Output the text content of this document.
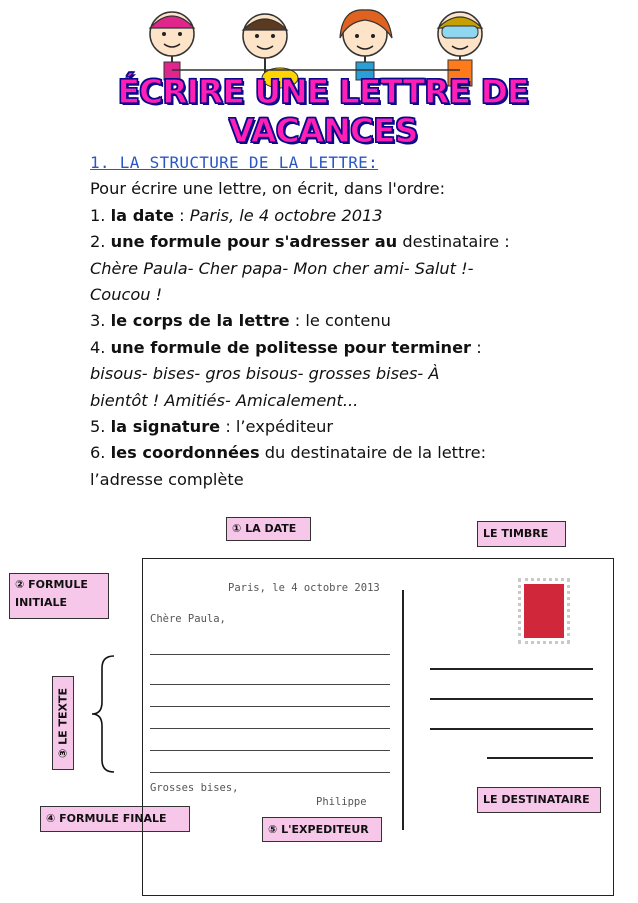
ÉCRIRE UNE LETTRE DE VACANCES
1. LA STRUCTURE DE LA LETTRE:
Pour écrire une lettre, on écrit, dans l'ordre:
1. la date : Paris, le 4 octobre 2013
2. une formule pour s'adresser au destinataire :
Chère Paula- Cher papa- Mon cher ami- Salut !-
Coucou !
3. le corps de la lettre : le contenu
4. une formule de politesse pour terminer :
bisous- bises- gros bisous- grosses bises- À
bientôt ! Amitiés- Amicalement...
5. la signature : l’expéditeur
6. les coordonnées du destinataire de la lettre:
l’adresse complète
① LA DATE	LE TIMBRE
② FORMULE
INITIALE
③ LE TEXTE
④ FORMULE FINALE
⑤ L'EXPEDITEUR
LE DESTINATAIRE
Paris, le 4 octobre 2013
Chère Paula,
Grosses bises,
Philippe
